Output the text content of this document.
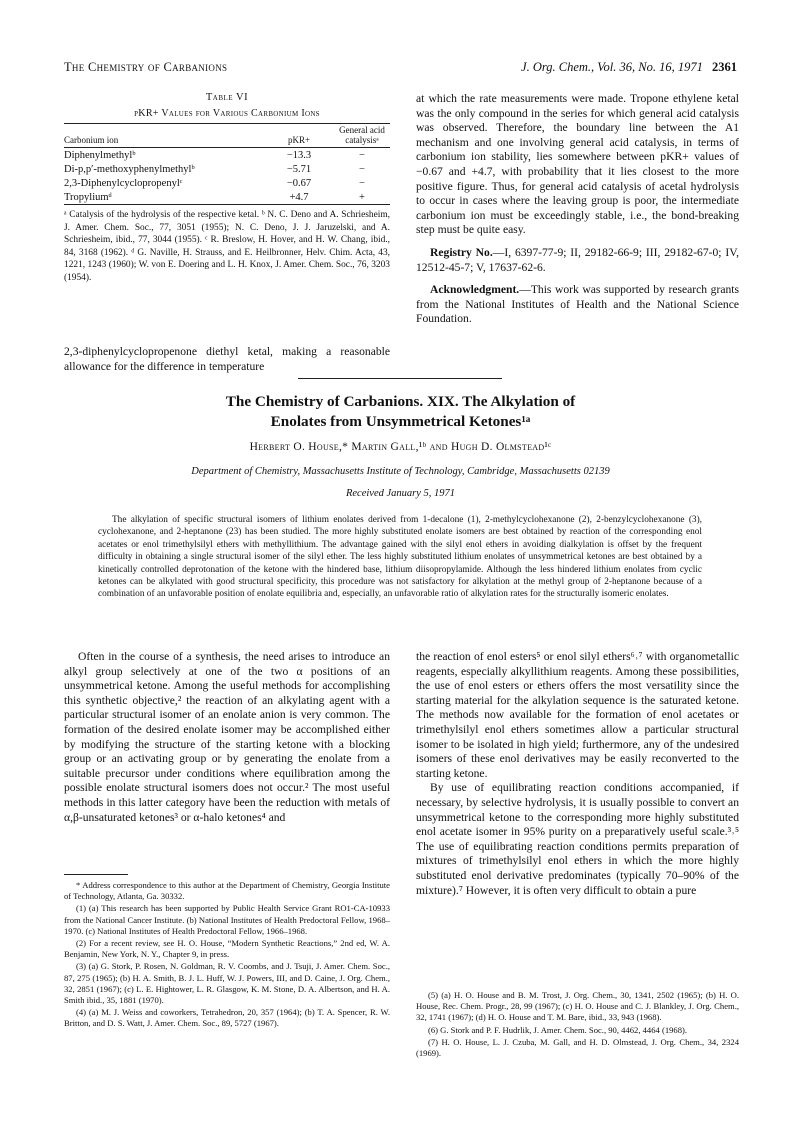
The Chemistry of Carbanions	J. Org. Chem., Vol. 36, No. 16, 1971 2361
Table VI
pKR+ Values for Various Carbonium Ions
Carbonium ion	pKR+	General acid catalysisᵃ
Diphenylmethylᵇ	−13.3	−
Di-p,p′-methoxyphenylmethylᵇ	−5.71	−
2,3-Diphenylcyclopropenylᶜ	−0.67	−
Tropyliumᵈ	+4.7	+
ᵃ Catalysis of the hydrolysis of the respective ketal. ᵇ N. C. Deno and A. Schriesheim, J. Amer. Chem. Soc., 77, 3051 (1955); N. C. Deno, J. J. Jaruzelski, and A. Schriesheim, ibid., 77, 3044 (1955). ᶜ R. Breslow, H. Hover, and H. W. Chang, ibid., 84, 3168 (1962). ᵈ G. Naville, H. Strauss, and E. Heilbronner, Helv. Chim. Acta, 43, 1221, 1243 (1960); W. von E. Doering and L. H. Knox, J. Amer. Chem. Soc., 76, 3203 (1954).

2,3-diphenylcyclopropenone diethyl ketal, making a reasonable allowance for the difference in temperature

at which the rate measurements were made. Tropone ethylene ketal was the only compound in the series for which general acid catalysis was observed. Therefore, the boundary line between the A1 mechanism and one involving general acid catalysis, in terms of carbonium ion stability, lies somewhere between pKR+ values of −0.67 and +4.7, with probability that it lies closest to the more positive figure. Thus, for general acid catalysis of acetal hydrolysis to occur in cases where the leaving group is poor, the intermediate carbonium ion must be exceedingly stable, i.e., the bond-breaking step must be quite easy.

Registry No.—I, 6397-77-9; II, 29182-66-9; III, 29182-67-0; IV, 12512-45-7; V, 17637-62-6.

Acknowledgment.—This work was supported by research grants from the National Institutes of Health and the National Science Foundation.

The Chemistry of Carbanions. XIX. The Alkylation of
Enolates from Unsymmetrical Ketones¹ᵃ
Herbert O. House,* Martin Gall,¹ᵇ and Hugh D. Olmstead¹ᶜ
Department of Chemistry, Massachusetts Institute of Technology, Cambridge, Massachusetts 02139
Received January 5, 1971
The alkylation of specific structural isomers of lithium enolates derived from 1-decalone (1), 2-methylcyclohexanone (2), 2-benzylcyclohexanone (3), cyclohexanone, and 2-heptanone (23) has been studied. The more highly substituted enolate isomers are best obtained by reaction of the corresponding enol acetates or enol trimethylsilyl ethers with methyllithium. The advantage gained with the silyl enol ethers in avoiding dialkylation is offset by the frequent difficulty in obtaining a single structural isomer of the silyl ether. The less highly substituted lithium enolates of unsymmetrical ketones are best obtained by a kinetically controlled deprotonation of the ketone with the hindered base, lithium diisopropylamide. Although the less hindered lithium enolates from cyclic ketones can be alkylated with good structural specificity, this procedure was not satisfactory for alkylation at the methyl group of 2-heptanone because of a combination of an unfavorable position of enolate equilibria and, especially, an unfavorable ratio of alkylation rates for the structurally isomeric enolates.

Often in the course of a synthesis, the need arises to introduce an alkyl group selectively at one of the two α positions of an unsymmetrical ketone. Among the useful methods for accomplishing this synthetic objective,² the reaction of an alkylating agent with a particular structural isomer of an enolate anion is very common. The formation of the desired enolate isomer may be accomplished either by modifying the structure of the starting ketone with a blocking group or an activating group or by generating the enolate from a suitable precursor under conditions where equilibration among the possible enolate structural isomers does not occur.² The most useful methods in this latter category have been the reduction with metals of α,β-unsaturated ketones³ or α-halo ketones⁴ and

the reaction of enol esters⁵ or enol silyl ethers⁶˒⁷ with organometallic reagents, especially alkyllithium reagents. Among these possibilities, the use of enol esters or ethers offers the most versatility since the starting material for the alkylation sequence is the saturated ketone. The methods now available for the formation of enol acetates or trimethylsilyl enol ethers sometimes allow a particular structural isomer to be isolated in high yield; furthermore, any of the undesired isomers of these enol derivatives may be easily reconverted to the starting ketone.

By use of equilibrating reaction conditions accompanied, if necessary, by selective hydrolysis, it is usually possible to convert an unsymmetrical ketone to the corresponding more highly substituted enol acetate isomer in 95% purity on a preparatively useful scale.³˒⁵ The use of equilibrating reaction conditions permits preparation of mixtures of trimethylsilyl enol ethers in which the more highly substituted enol derivative predominates (typically 70–90% of the mixture).⁷ However, it is often very difficult to obtain a pure

* Address correspondence to this author at the Department of Chemistry, Georgia Institute of Technology, Atlanta, Ga. 30332.

(1) (a) This research has been supported by Public Health Service Grant RO1-CA-10933 from the National Cancer Institute. (b) National Institutes of Health Predoctoral Fellow, 1968–1970. (c) National Institutes of Health Predoctoral Fellow, 1966–1968.

(2) For a recent review, see H. O. House, “Modern Synthetic Reactions,” 2nd ed, W. A. Benjamin, New York, N. Y., Chapter 9, in press.

(3) (a) G. Stork, P. Rosen, N. Goldman, R. V. Coombs, and J. Tsuji, J. Amer. Chem. Soc., 87, 275 (1965); (b) H. A. Smith, B. J. L. Huff, W. J. Powers, III, and D. Caine, J. Org. Chem., 32, 2851 (1967); (c) L. E. Hightower, L. R. Glasgow, K. M. Stone, D. A. Albertson, and H. A. Smith ibid., 35, 1881 (1970).

(4) (a) M. J. Weiss and coworkers, Tetrahedron, 20, 357 (1964); (b) T. A. Spencer, R. W. Britton, and D. S. Watt, J. Amer. Chem. Soc., 89, 5727 (1967).

(5) (a) H. O. House and B. M. Trost, J. Org. Chem., 30, 1341, 2502 (1965); (b) H. O. House, Rec. Chem. Progr., 28, 99 (1967); (c) H. O. House and C. J. Blankley, J. Org. Chem., 32, 1741 (1967); (d) H. O. House and T. M. Bare, ibid., 33, 943 (1968).

(6) G. Stork and P. F. Hudrlik, J. Amer. Chem. Soc., 90, 4462, 4464 (1968).

(7) H. O. House, L. J. Czuba, M. Gall, and H. D. Olmstead, J. Org. Chem., 34, 2324 (1969).
